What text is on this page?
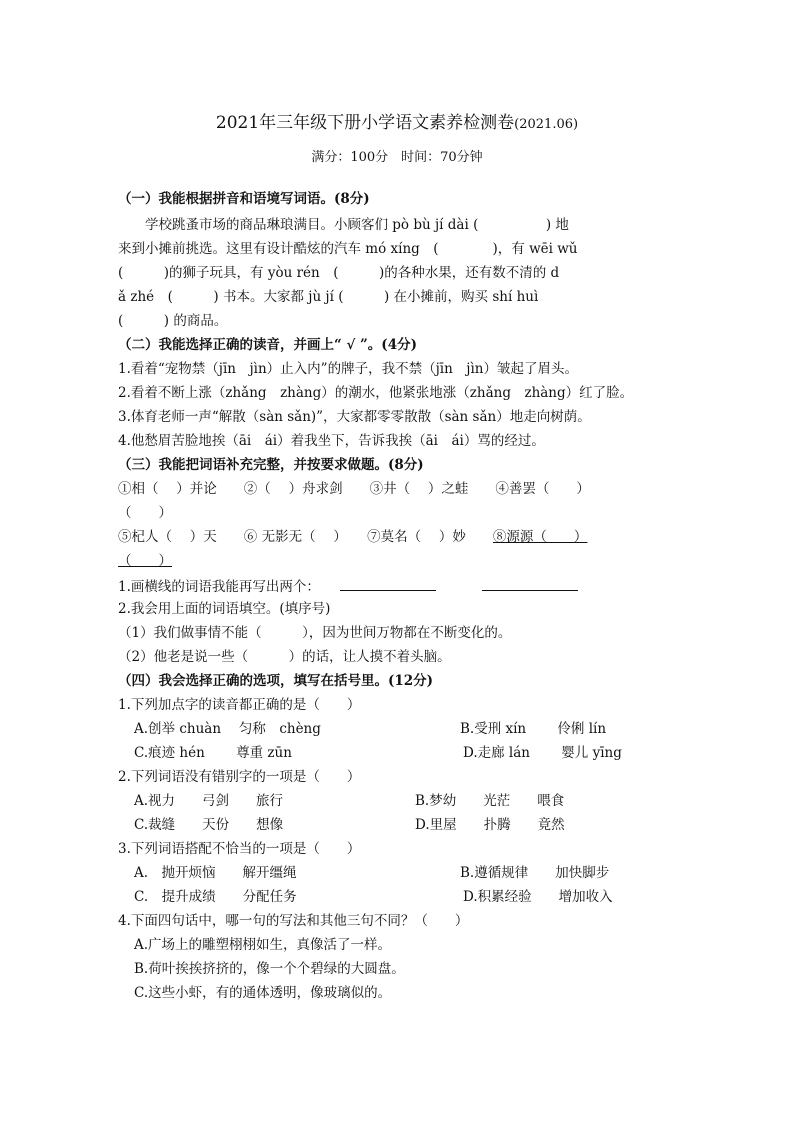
2021年三年级下册小学语文素养检测卷(2021.06)
满分：100分　时间：70分钟
（一）我能根据拼音和语境写词语。(8分)
　　学校跳蚤市场的商品琳琅满目。小顾客们 pò bù jí dài (　　　　　) 地
来到小摊前挑选。这里有设计酷炫的汽车 mó xíng　(　　　　)，有 wēi wǔ
(　　　)的狮子玩具，有 yòu rén　(　　　)的各种水果，还有数不清的 d
ǎ zhé　(　　　) 书本。大家都 jù jí (　　　) 在小摊前，购买 shí huì
(　　　) 的商品。
（二）我能选择正确的读音，并画上“ √ ”。(4分)
1.看着“宠物禁（jīn　jìn）止入内”的牌子，我不禁（jīn　jìn）皱起了眉头。
2.看着不断上涨（zhǎng　zhàng）的潮水，他紧张地涨（zhǎng　zhàng）红了脸。
3.体育老师一声“解散（sàn sǎn)”，大家都零零散散（sàn sǎn）地走向树荫。
4.他愁眉苦脸地挨（āi　ái）着我坐下，告诉我挨（āi　ái）骂的经过。
（三）我能把词语补充完整，并按要求做题。(8分)
①相（　 ）并论　　②（　 ）舟求剑　　③井（　 ）之蛙　　④善罢（　　）
（　　）
⑤杞人（　 ）天　　⑥ 无影无（　 ）　　⑦莫名（　 ）妙　　⑧源源（　　）
（　　）
1.画横线的词语我能再写出两个：
2.我会用上面的词语填空。(填序号)
（1）我们做事情不能（　　　），因为世间万物都在不断变化的。
（2）他老是说一些（　　　）的话，让人摸不着头脑。
（四）我会选择正确的选项，填写在括号里。(12分)
1.下列加点字的读音都正确的是（　　）
A.创举 chuàn　 匀称　chèng	B.受刑 xín　　 伶俐 lín
C.痕迹 hén　　 尊重 zūn	D.走廊 lán　　 婴儿 yīng
2.下列词语没有错别字的一项是（　　）
A.视力　　弓剑　　旅行	B.梦幼　　光茫　　喂食
C.裁缝　　天份　　想像	D.里屋　　扑腾　　竟然
3.下列词语搭配不恰当的一项是（　　）
A.　抛开烦恼　　解开缰绳	B.遵循规律　　加快脚步
C.　提升成绩　　分配任务	D.积累经验　　增加收入
4.下面四句话中，哪一句的写法和其他三句不同？（　　）
A.广场上的雕塑栩栩如生，真像活了一样。
B.荷叶挨挨挤挤的，像一个个碧绿的大圆盘。
C.这些小虾，有的通体透明，像玻璃似的。
